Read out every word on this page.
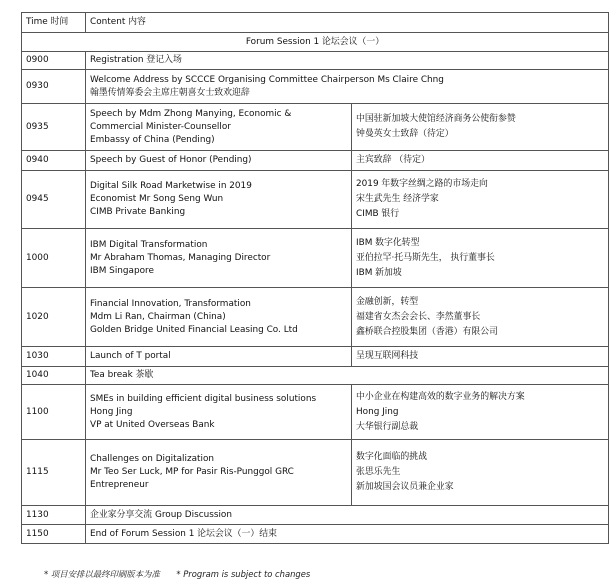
Time 时间	Content 内容	
Forum Session 1 论坛会议（一）		
0900	Registration 登记入场	

0930	Welcome Address by SCCCE Organising Committee Chairperson Ms Claire Chng
翰墨传情筹委会主席庄朝喜女士致欢迎辞	

0935	Speech by Mdm Zhong Manying, Economic &
Commercial Minister-Counsellor
Embassy of China (Pending)	中国驻新加坡大使馆经济商务公使衔参赞
钟曼英女士致辞（待定）

0940	Speech by Guest of Honor (Pending)	主宾致辞 （待定）

0945	Digital Silk Road Marketwise in 2019
Economist Mr Song Seng Wun
CIMB Private Banking	2019 年数字丝绸之路的市场走向
宋生武先生 经济学家
CIMB 银行

1000	IBM Digital Transformation
Mr Abraham Thomas, Managing Director
IBM Singapore	IBM 数字化转型
亚伯拉罕·托马斯先生， 执行董事长
IBM 新加坡

1020	Financial Innovation, Transformation
Mdm Li Ran, Chairman (China)
Golden Bridge United Financial Leasing Co. Ltd	金融创新，转型
福建省女杰会会长、李然董事长
鑫桥联合控股集团（香港）有限公司

1030	Launch of T portal	呈现互联网科技

1040	Tea break 茶歇	

1100	SMEs in building efficient digital business solutions
Hong Jing
VP at United Overseas Bank	中小企业在构建高效的数字业务的解决方案
Hong Jing
大华银行副总裁

1115	Challenges on Digitalization
Mr Teo Ser Luck, MP for Pasir Ris-Punggol GRC
Entrepreneur	数字化面临的挑战
张思乐先生
新加坡国会议员兼企业家

1130	企业家分享交流 Group Discussion	

1150	End of Forum Session 1 论坛会议（一）结束	
* 项目安排以最终印刷版本为准 * Program is subject to changes
